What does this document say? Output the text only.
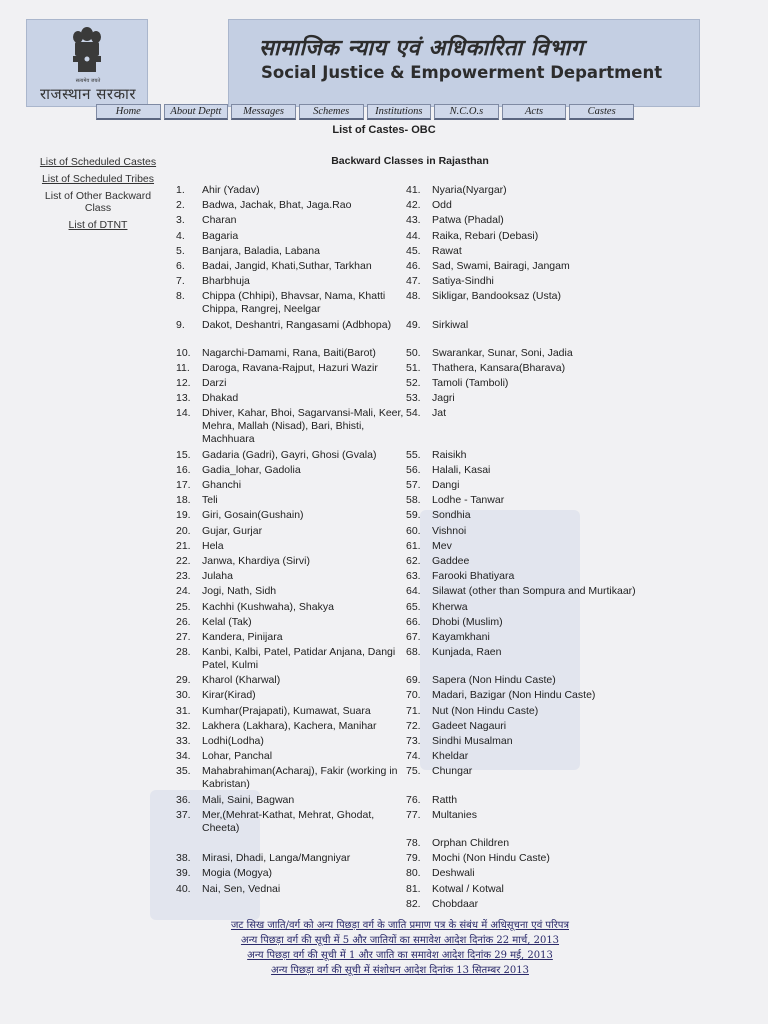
सत्यमेव जयते
राजस्थान सरकार
सामाजिक न्याय एवं अधिकारिता विभाग
Social Justice & Empowerment Department
Home	About Deptt	Messages	Schemes	Institutions	N.C.O.s	Acts	Castes
List of Castes- OBC
List of Scheduled Castes
List of Scheduled Tribes
List of Other Backward Class
List of DTNT
Backward Classes in Rajasthan
1.	Ahir (Yadav)
2.	Badwa, Jachak, Bhat, Jaga.Rao
3.	Charan
4.	Bagaria
5.	Banjara, Baladia, Labana
6.	Badai, Jangid, Khati,Suthar, Tarkhan
7.	Bharbhuja
8.	Chippa (Chhipi), Bhavsar, Nama, Khatti Chippa, Rangrej, Neelgar
9.	Dakot, Deshantri, Rangasami (Adbhopa)
10.	Nagarchi-Damami, Rana, Baiti(Barot)
11.	Daroga, Ravana-Rajput, Hazuri Wazir
12.	Darzi
13.	Dhakad
14.	Dhiver, Kahar, Bhoi, Sagarvansi-Mali, Keer, Mehra, Mallah (Nisad), Bari, Bhisti, Machhuara
15.	Gadaria (Gadri), Gayri, Ghosi (Gvala)
16.	Gadia_lohar, Gadolia
17.	Ghanchi
18.	Teli
19.	Giri, Gosain(Gushain)
20.	Gujar, Gurjar
21.	Hela
22.	Janwa, Khardiya (Sirvi)
23.	Julaha
24.	Jogi, Nath, Sidh
25.	Kachhi (Kushwaha), Shakya
26.	Kelal (Tak)
27.	Kandera, Pinijara
28.	Kanbi, Kalbi, Patel, Patidar Anjana, Dangi Patel, Kulmi
29.	Kharol (Kharwal)
30.	Kirar(Kirad)
31.	Kumhar(Prajapati), Kumawat, Suara
32.	Lakhera (Lakhara), Kachera, Manihar
33.	Lodhi(Lodha)
34.	Lohar, Panchal
35.	Mahabrahiman(Acharaj), Fakir (working in Kabristan)
36.	Mali, Saini, Bagwan
37.	Mer,(Mehrat-Kathat, Mehrat, Ghodat, Cheeta)
38.	Mirasi, Dhadi, Langa/Mangniyar
39.	Mogia (Mogya)
40.	Nai, Sen, Vednai
41.	Nyaria(Nyargar)
42.	Odd
43.	Patwa (Phadal)
44.	Raika, Rebari (Debasi)
45.	Rawat
46.	Sad, Swami, Bairagi, Jangam
47.	Satiya-Sindhi
48.	Sikligar, Bandooksaz (Usta)
49.	Sirkiwal
50.	Swarankar, Sunar, Soni, Jadia
51.	Thathera, Kansara(Bharava)
52.	Tamoli (Tamboli)
53.	Jagri
54.	Jat
55.	Raisikh
56.	Halali, Kasai
57.	Dangi
58.	Lodhe - Tanwar
59.	Sondhia
60.	Vishnoi
61.	Mev
62.	Gaddee
63.	Farooki Bhatiyara
64.	Silawat (other than Sompura and Murtikaar)
65.	Kherwa
66.	Dhobi (Muslim)
67.	Kayamkhani
68.	Kunjada, Raen
69.	Sapera (Non Hindu Caste)
70.	Madari, Bazigar (Non Hindu Caste)
71.	Nut (Non Hindu Caste)
72.	Gadeet Nagauri
73.	Sindhi Musalman
74.	Kheldar
75.	Chungar
76.	Ratth
77.	Multanies
78.	Orphan Children
79.	Mochi (Non Hindu Caste)
80.	Deshwali
81.	Kotwal / Kotwal
82.	Chobdaar
जट सिख जाति/वर्ग को अन्य पिछड़ा वर्ग के जाति प्रमाण पत्र के संबंध में अधिसूचना एवं परिपत्र
अन्य पिछड़ा वर्ग की सूची में 5 और जातियों का समावेश आदेश दिनांक 22 मार्च, 2013
अन्य पिछड़ा वर्ग की सूची में 1 और जाति का समावेश आदेश दिनांक 29 मई, 2013
अन्य पिछड़ा वर्ग की सूची में संशोधन आदेश दिनांक 13 सितम्बर 2013
